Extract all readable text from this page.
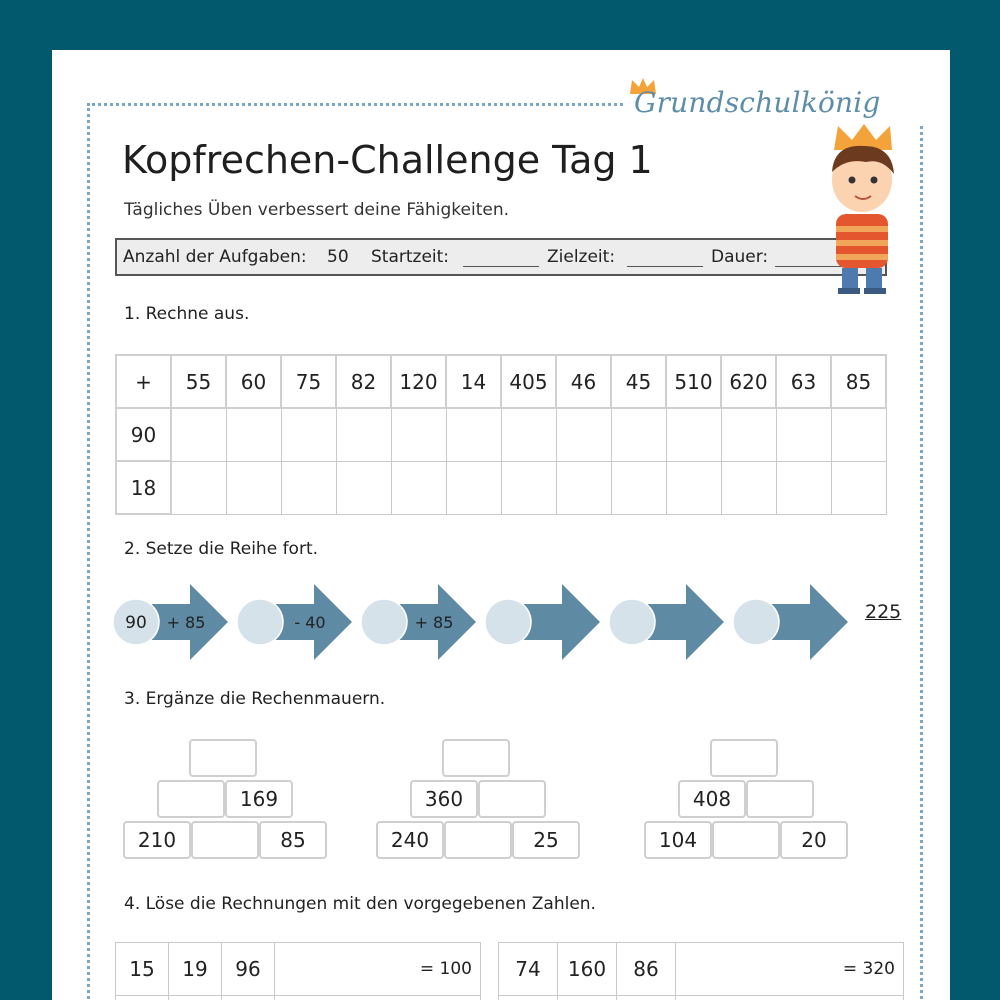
Grundschulkönig
Kopfrechen-Challenge Tag 1
Tägliches Üben verbessert deine Fähigkeiten.
Anzahl der Aufgaben: 50 Startzeit:	Zielzeit:	Dauer:
1. Rechne aus.
+	55	60	75	82	120	14	405	46	45	510	620	63	85
90													
18													
2. Setze die Reihe fort.
90 + 85	- 40	+ 85	225
3. Ergänze die Rechenmauern.
169
210	85
360
240	25
408
104	20
4. Löse die Rechnungen mit den vorgegebenen Zahlen.
15	19	96	= 100
			74	160	86	= 320
